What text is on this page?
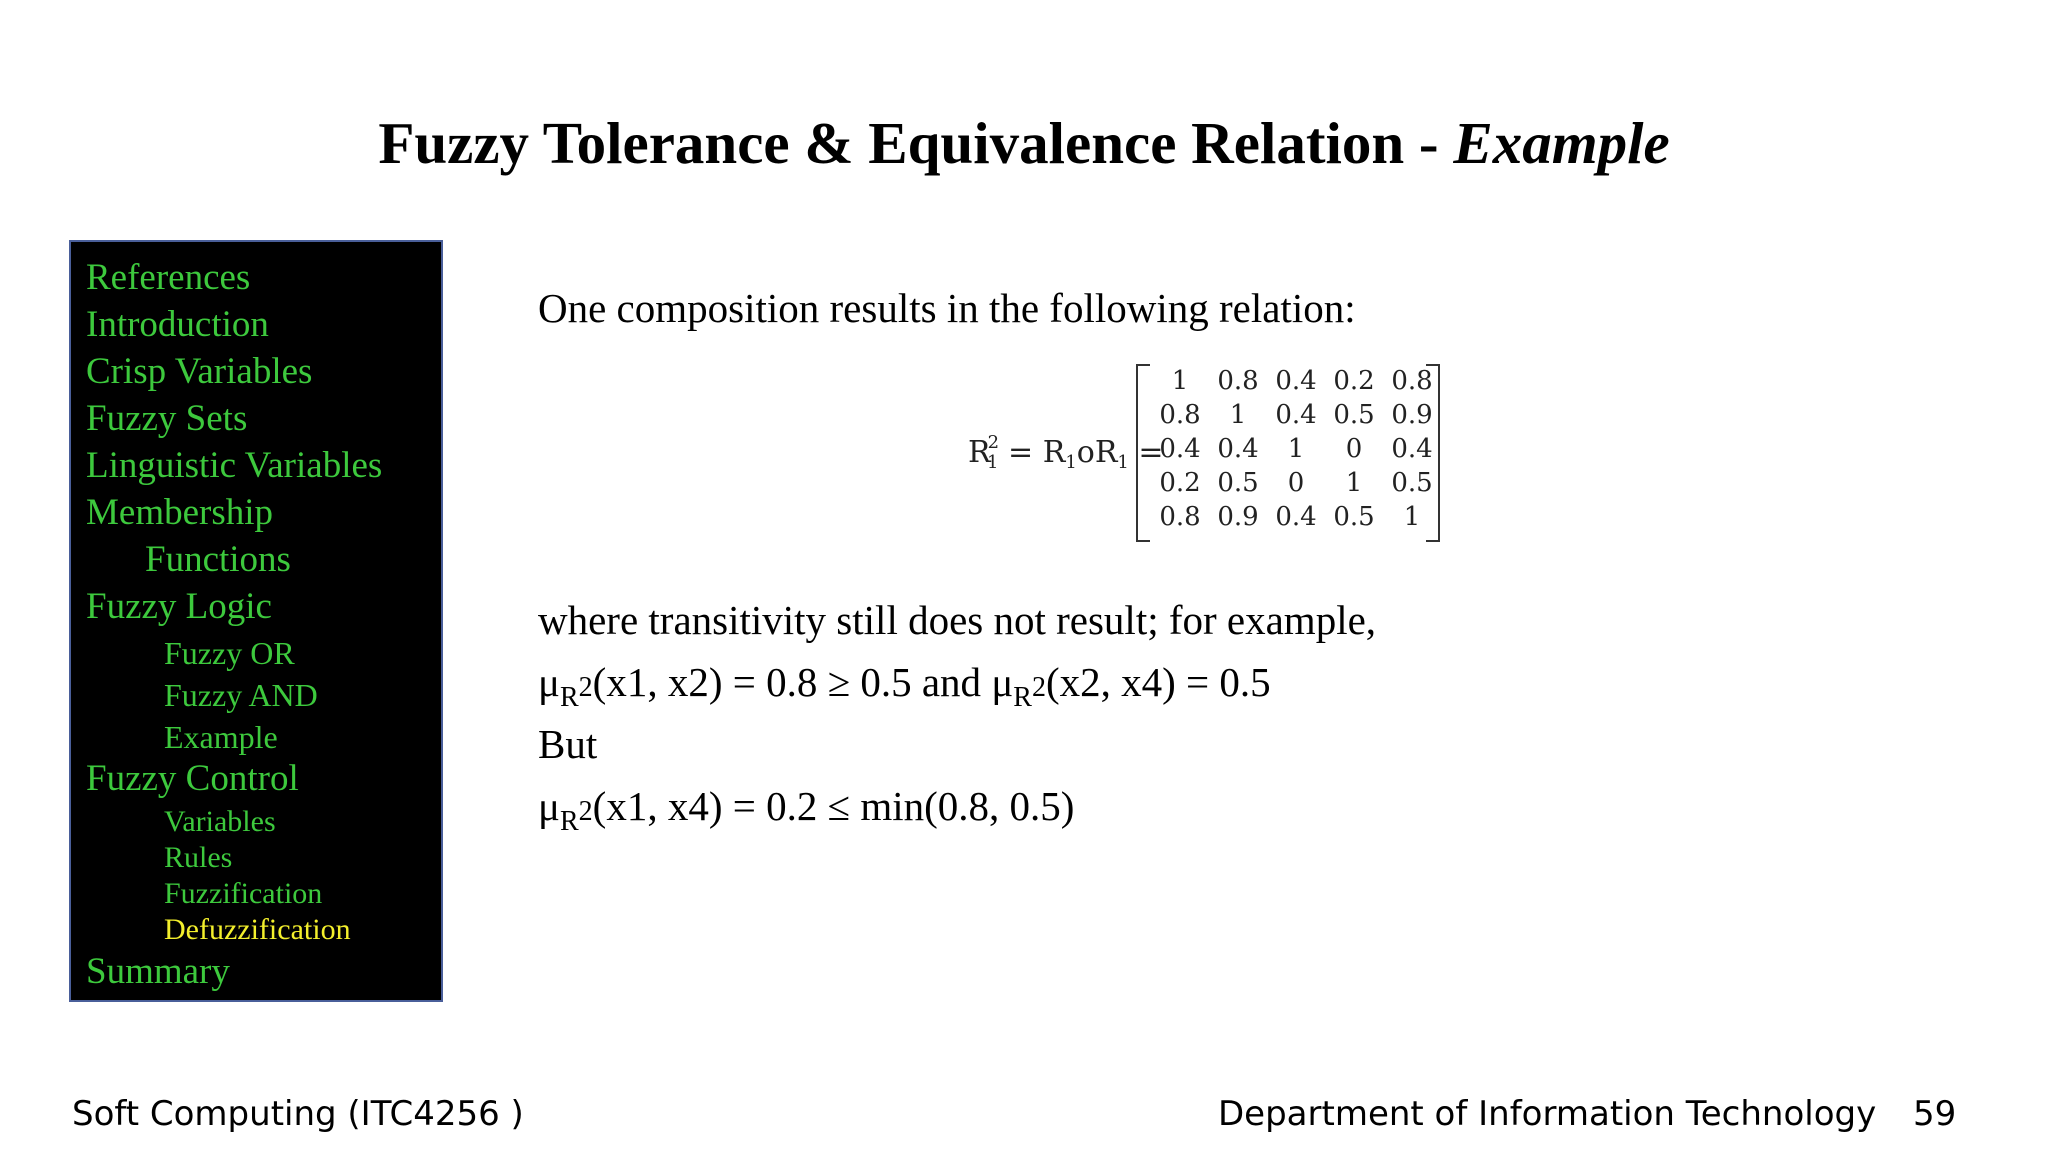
Fuzzy Tolerance & Equivalence Relation - Example
References
Introduction
Crisp Variables
Fuzzy Sets
Linguistic Variables
Membership
Functions
Fuzzy Logic
Fuzzy OR
Fuzzy AND
Example
Fuzzy Control
Variables
Rules
Fuzzification
Defuzzification
Summary
One composition results in the following relation:
$R^2_1 = R_1oR_1$ =
1	0.8 0.4 0.2 0.8
0.8	1	0.4 0.5 0.9
0.4 0.4	1	0	0.4
0.2 0.5	0	1	0.5
0.8 0.9 0.4 0.5	1
where transitivity still does not result; for example,
$\mu_R2(x1$, x2) = 0.8 ≥ 0.5 and $\mu_R2(x2$, x4) = 0.5
But
$\mu_R2(x1$, x4) = 0.2 ≤ min(0.8, 0.5)
Soft Computing (ITC4256 )	Department of Information Technology 59
